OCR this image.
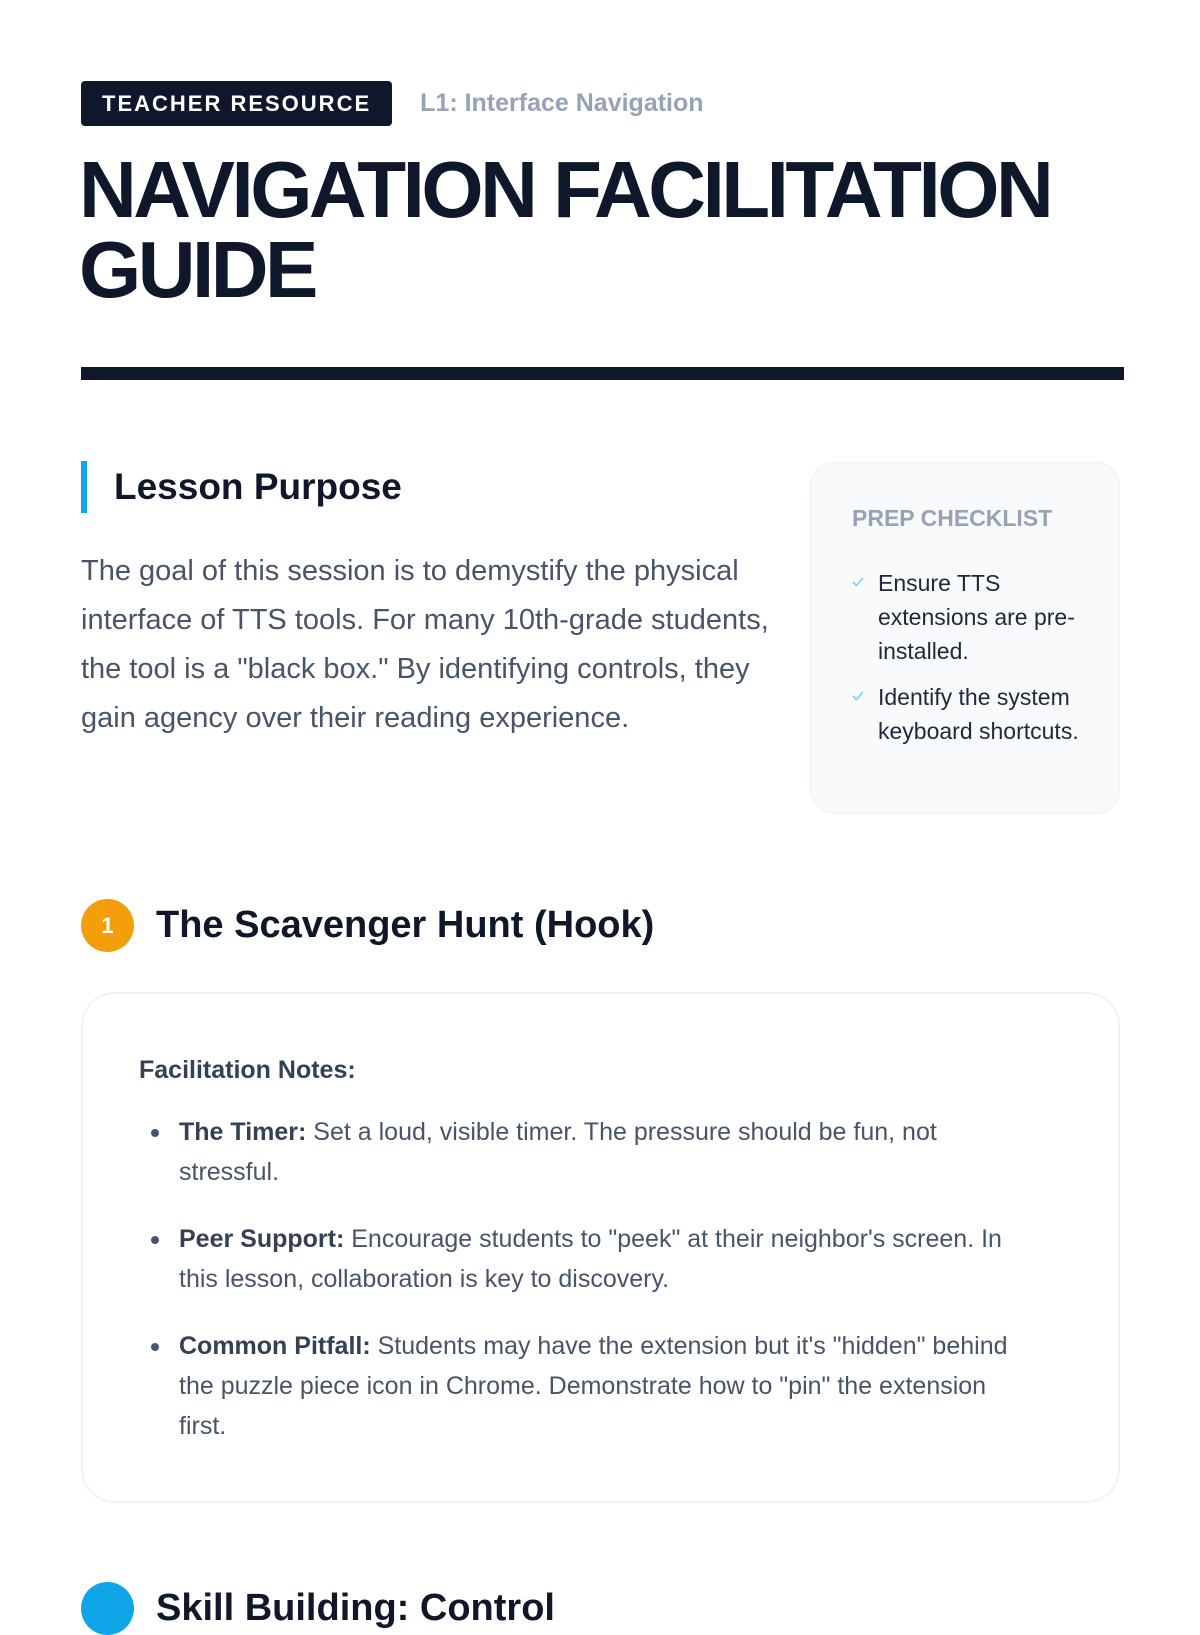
TEACHER RESOURCE	L1: Interface Navigation
NAVIGATION FACILITATION GUIDE
Lesson Purpose

The goal of this session is to demystify the physical interface of TTS tools. For many 10th-grade students, the tool is a "black box." By identifying controls, they gain agency over their reading experience.

PREP CHECKLIST
Ensure TTS extensions are pre-installed.
Identify the system keyboard shortcuts.
1	The Scavenger Hunt (Hook)
Facilitation Notes:
The Timer: Set a loud, visible timer. The pressure should be fun, not stressful.
Peer Support: Encourage students to "peek" at their neighbor's screen. In this lesson, collaboration is key to discovery.
Common Pitfall: Students may have the extension but it's "hidden" behind the puzzle piece icon in Chrome. Demonstrate how to "pin" the extension first.
Skill Building: Control
